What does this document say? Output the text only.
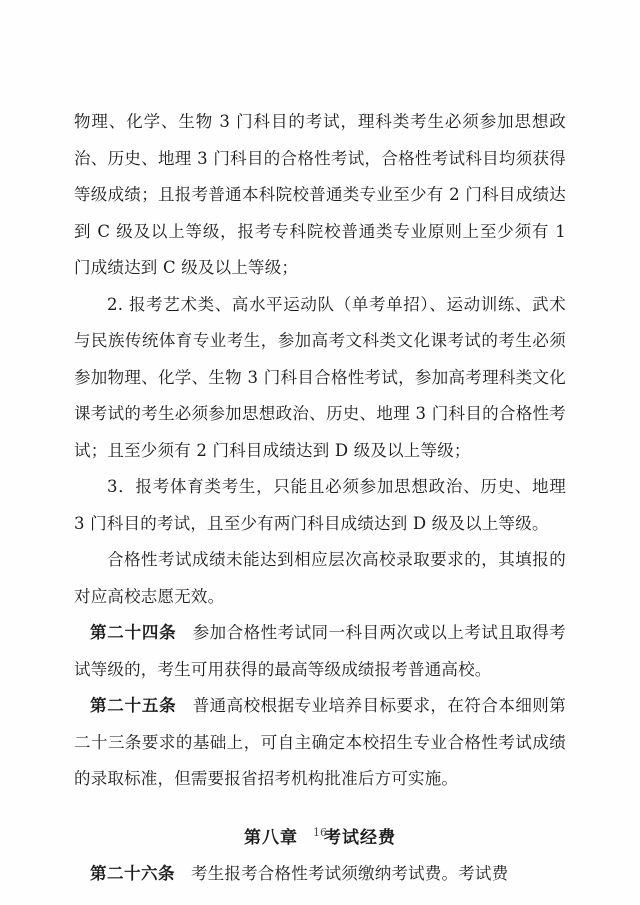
物理、化学、生物 3 门科目的考试，理科类考生必须参加思想政治、历史、地理 3 门科目的合格性考试，合格性考试科目均须获得等级成绩；且报考普通本科院校普通类专业至少有 2 门科目成绩达到 C 级及以上等级，报考专科院校普通类专业原则上至少须有 1 门成绩达到 C 级及以上等级；

2. 报考艺术类、高水平运动队（单考单招）、运动训练、武术与民族传统体育专业考生，参加高考文科类文化课考试的考生必须参加物理、化学、生物 3 门科目合格性考试，参加高考理科类文化课考试的考生必须参加思想政治、历史、地理 3 门科目的合格性考试；且至少须有 2 门科目成绩达到 D 级及以上等级；

3．报考体育类考生，只能且必须参加思想政治、历史、地理 3 门科目的考试，且至少有两门科目成绩达到 D 级及以上等级。

合格性考试成绩未能达到相应层次高校录取要求的，其填报的对应高校志愿无效。

第二十四条 参加合格性考试同一科目两次或以上考试且取得考试等级的，考生可用获得的最高等级成绩报考普通高校。

第二十五条 普通高校根据专业培养目标要求，在符合本细则第二十三条要求的基础上，可自主确定本校招生专业合格性考试成绩的录取标准，但需要报省招考机构批准后方可实施。

第八章 考试经费

第二十六条 考生报考合格性考试须缴纳考试费。考试费

16
